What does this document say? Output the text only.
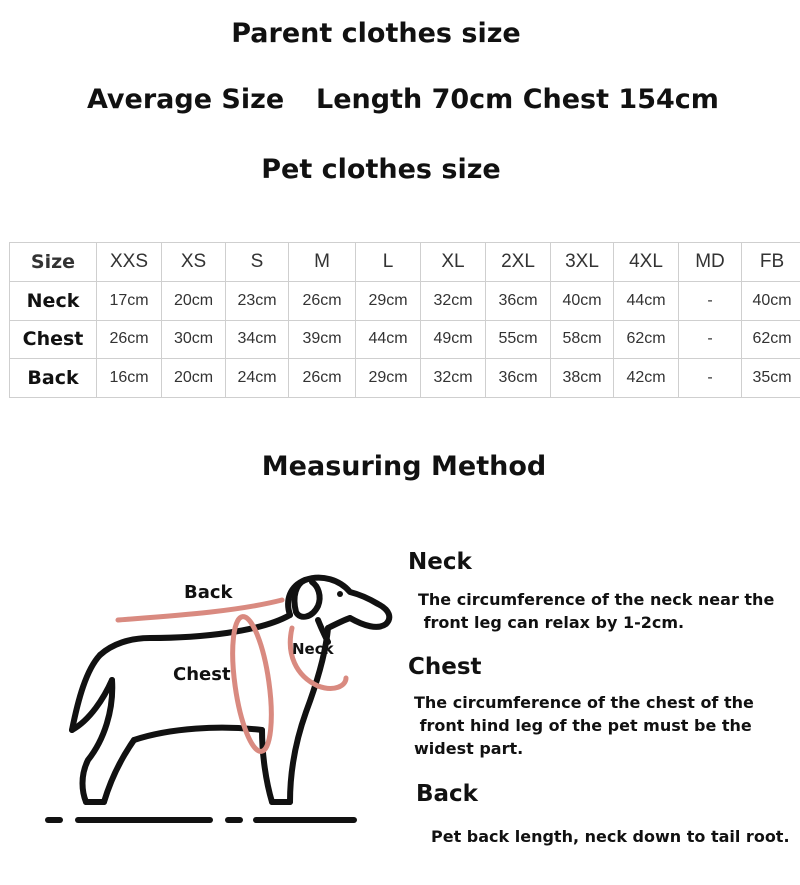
Parent clothes size
Average Size Length 70cm Chest 154cm
Pet clothes size
Size	XXS	XS	S	M	L	XL	2XL	3XL	4XL	MD	FB
Neck	17cm	20cm	23cm	26cm	29cm	32cm	36cm	40cm	44cm	-	40cm
Chest	26cm	30cm	34cm	39cm	44cm	49cm	55cm	58cm	62cm	-	62cm
Back	16cm	20cm	24cm	26cm	29cm	32cm	36cm	38cm	42cm	-	35cm
Measuring Method
Back
Chest
Neck
Neck
The circumference of the neck near the
front leg can relax by 1-2cm.
Chest
The circumference of the chest of the
front hind leg of the pet must be the
widest part.
Back
Pet back length, neck down to tail root.
